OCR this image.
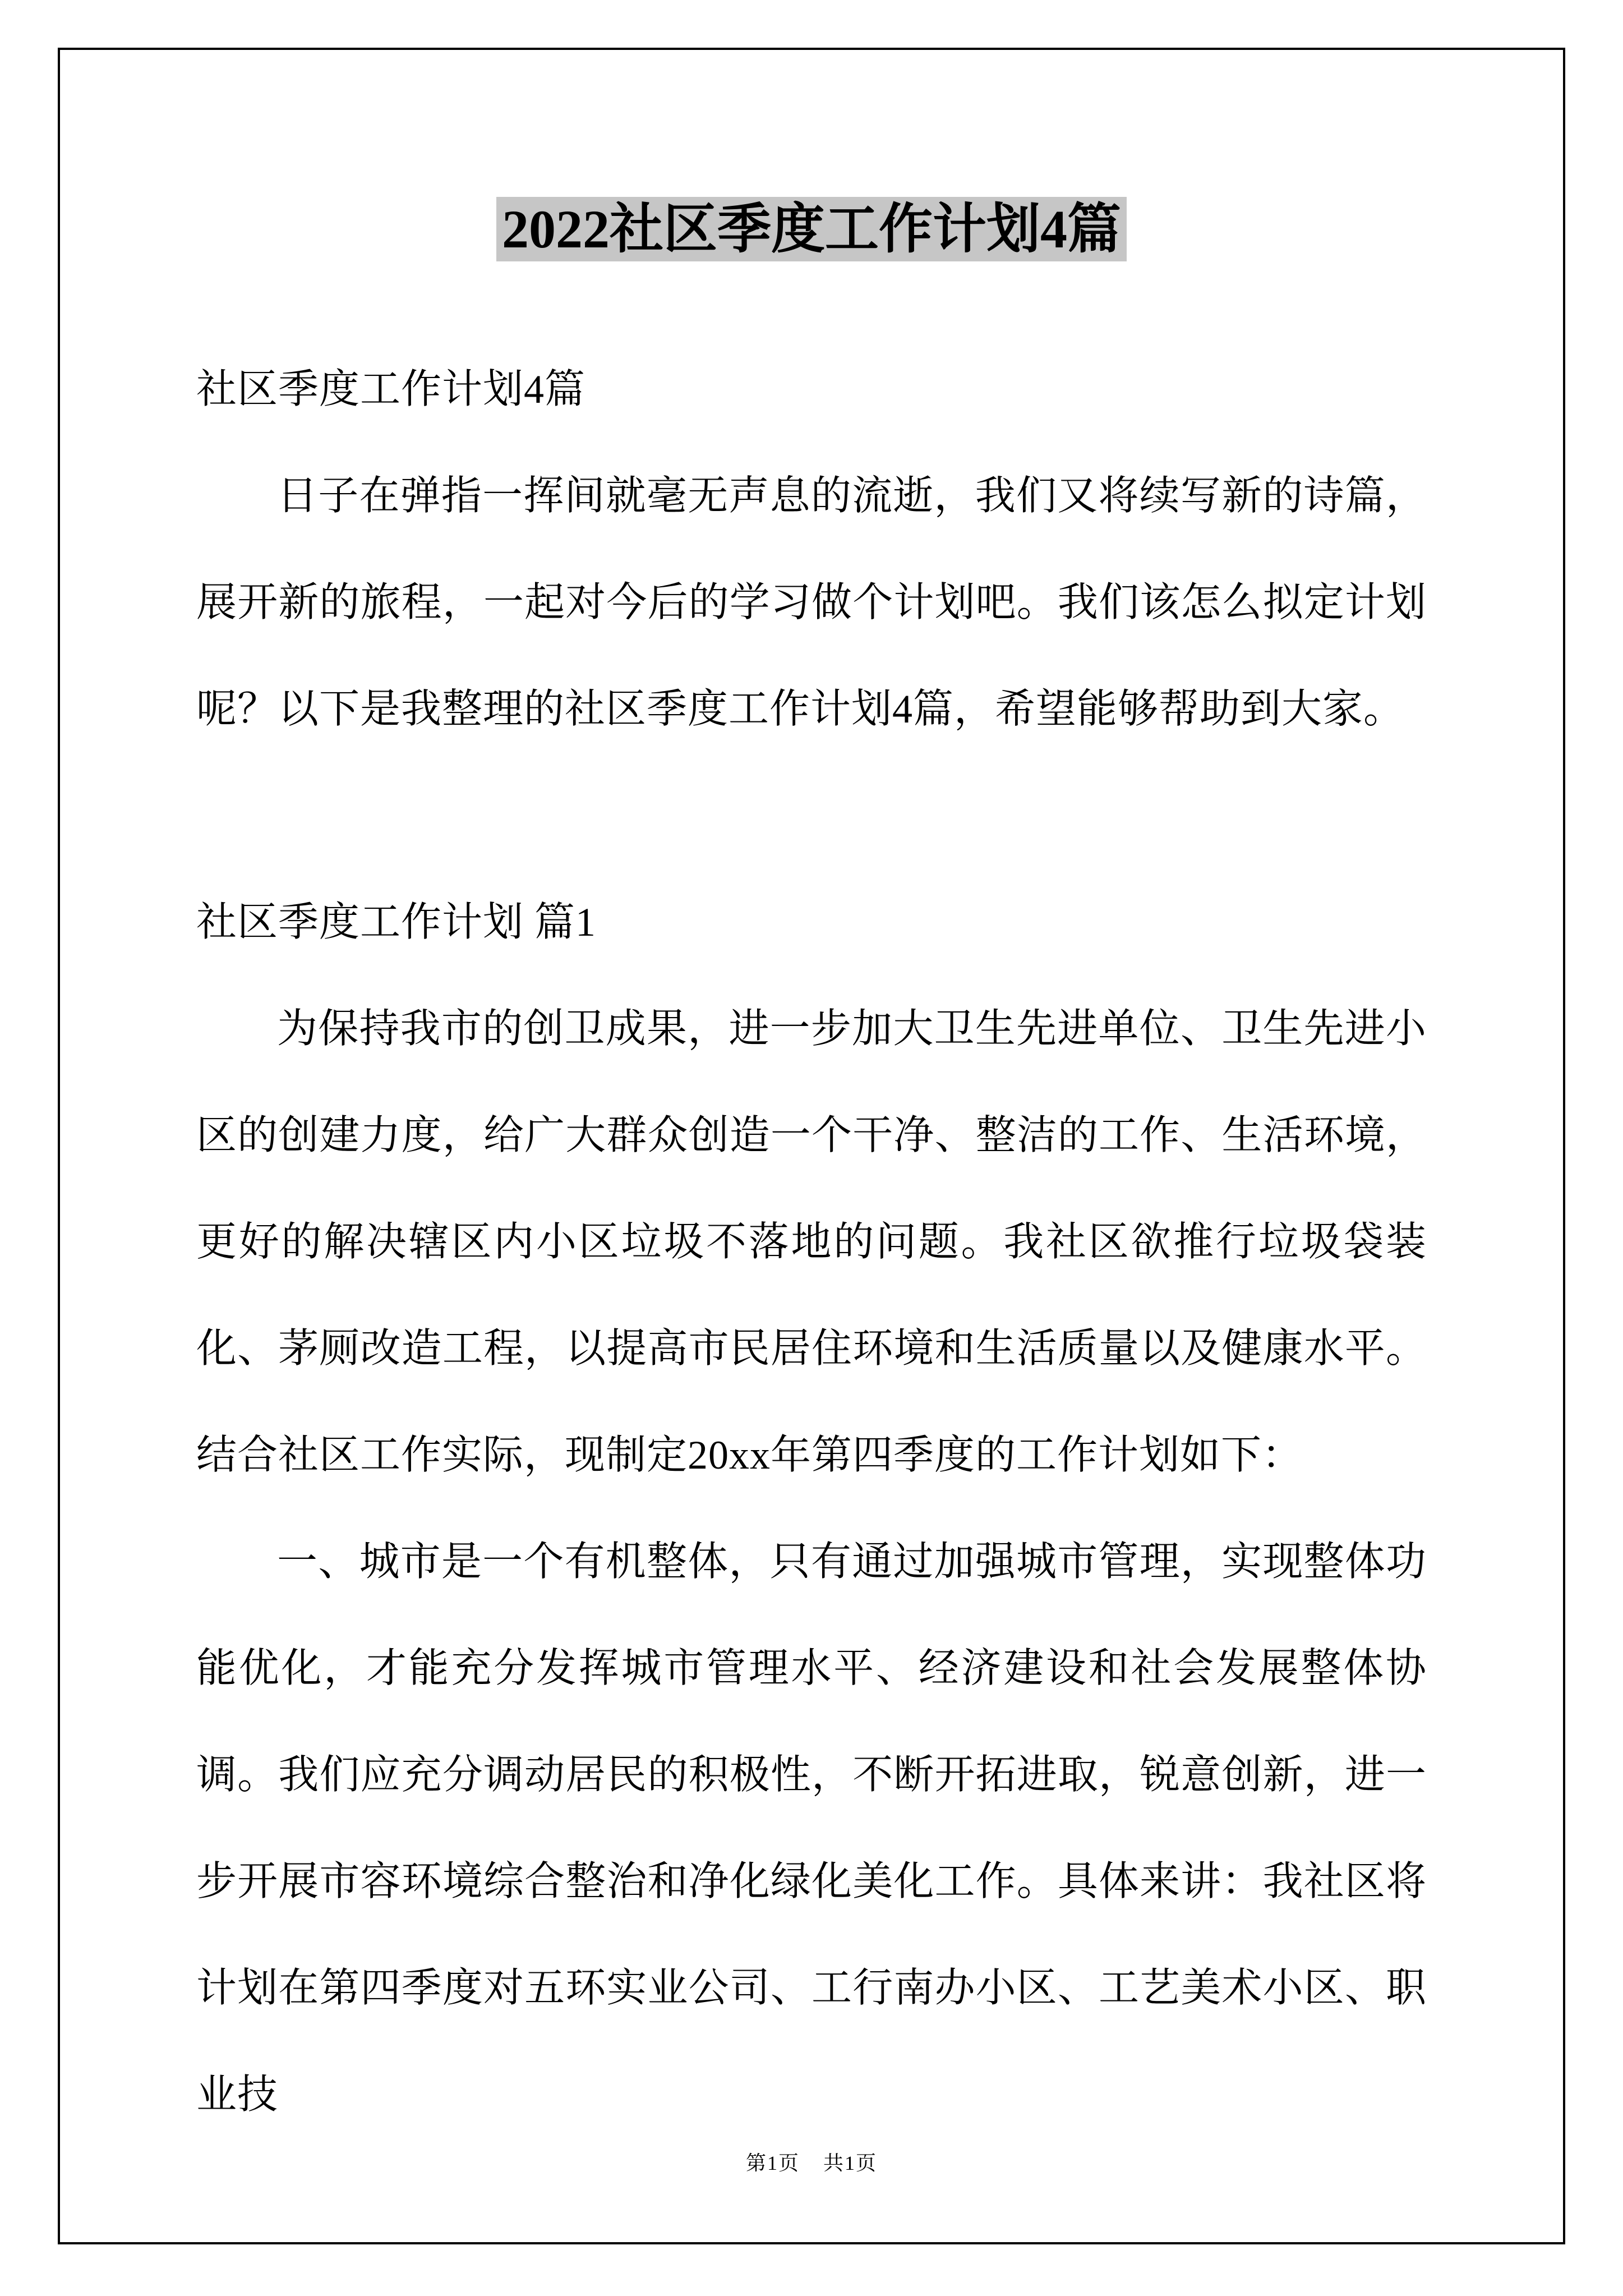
2022社区季度工作计划4篇

社区季度工作计划4篇

日子在弹指一挥间就毫无声息的流逝，我们又将续写新的诗篇，展开新的旅程，一起对今后的学习做个计划吧。我们该怎么拟定计划呢？以下是我整理的社区季度工作计划4篇，希望能够帮助到大家。

社区季度工作计划 篇1

为保持我市的创卫成果，进一步加大卫生先进单位、卫生先进小区的创建力度，给广大群众创造一个干净、整洁的工作、生活环境，更好的解决辖区内小区垃圾不落地的问题。我社区欲推行垃圾袋装化、茅厕改造工程，以提高市民居住环境和生活质量以及健康水平。结合社区工作实际，现制定20xx年第四季度的工作计划如下：

一、城市是一个有机整体，只有通过加强城市管理，实现整体功能优化，才能充分发挥城市管理水平、经济建设和社会发展整体协调。我们应充分调动居民的积极性，不断开拓进取，锐意创新，进一步开展市容环境综合整治和净化绿化美化工作。具体来讲：我社区将计划在第四季度对五环实业公司、工行南办小区、工艺美术小区、职业技

第1页 共1页
